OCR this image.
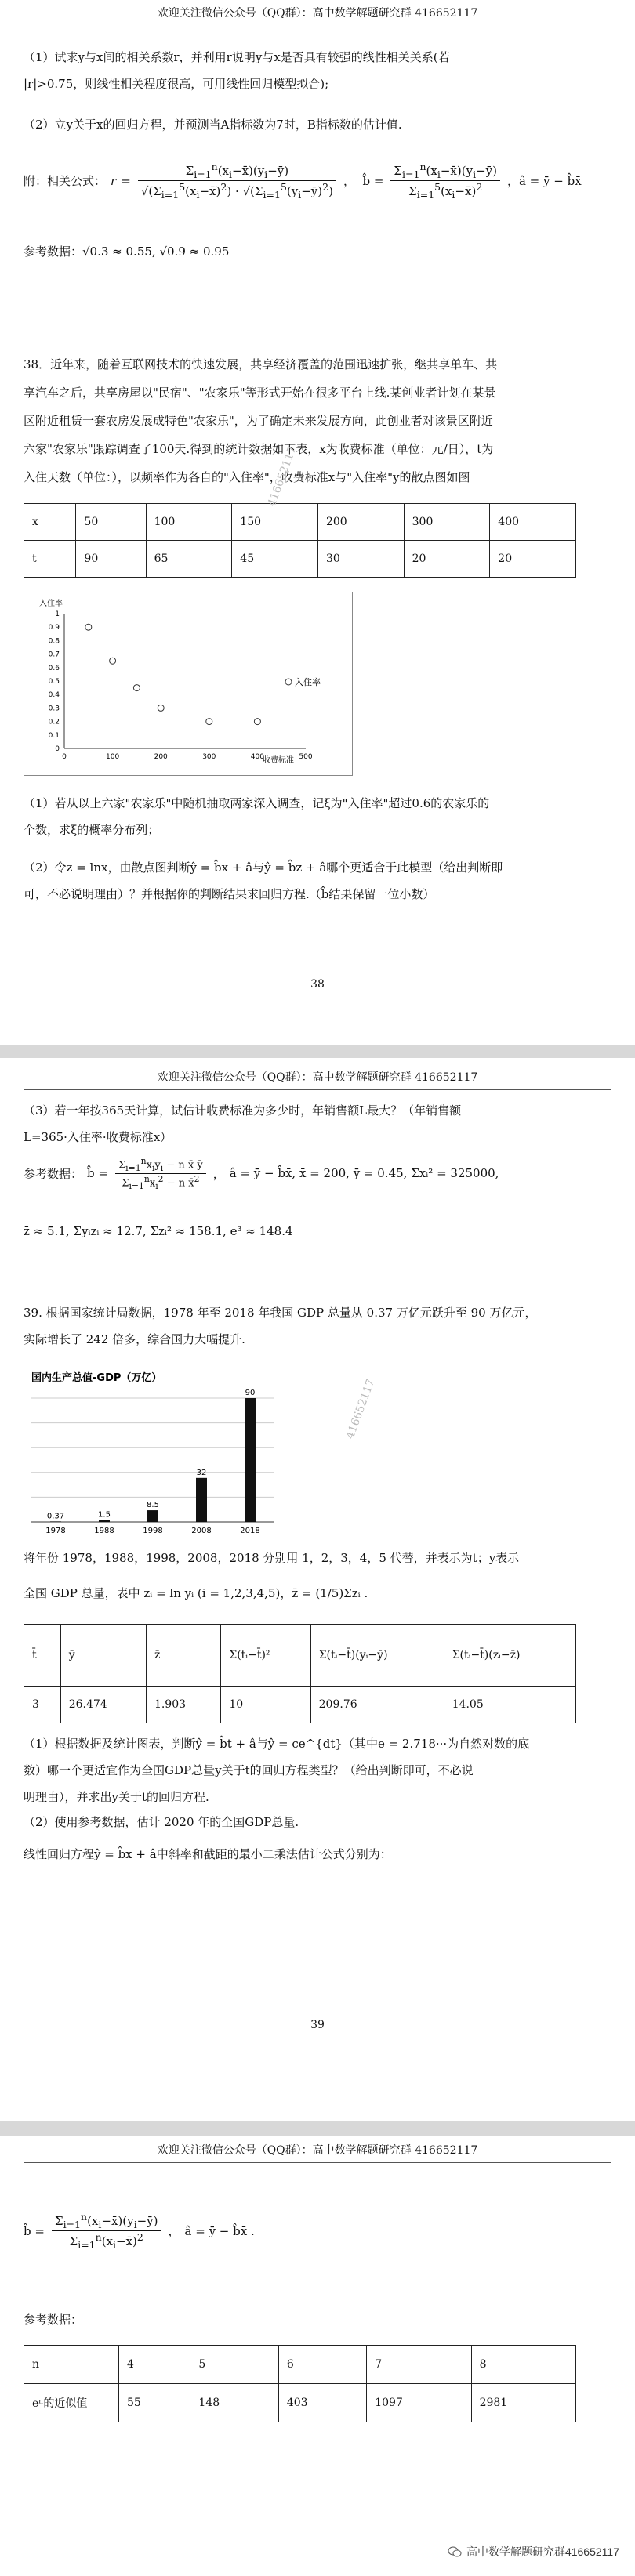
欢迎关注微信公众号（QQ群）：高中数学解题研究群 416652117
（1）试求y与x间的相关系数r，并利用r说明y与x是否具有较强的线性相关关系(若
|r|>0.75，则线性相关程度很高，可用线性回归模型拟合);
（2）立y关于x的回归方程，并预测当A指标数为7时，B指标数的估计值.
附：相关公式： $r = \frac{\Sigma_{i=1}^n(x_i-x̄)(y_i-ȳ)}{√(\Sigma_{i=1}^5(x_i-x̄)^2) \cdot √(\Sigma_{i=1}^5(y_i-ȳ)^2)}$ ，  b̂ = $\frac{\Sigma_{i=1}^n(x_i-x̄)(y_i-ȳ)}{\Sigma_{i=1}^5(x_i-x̄)^2}$ ，â = ȳ − b̂x̄
参考数据：√0.3 ≈ 0.55, √0.9 ≈ 0.95
38．近年来，随着互联网技术的快速发展，共享经济覆盖的范围迅速扩张，继共享单车、共
享汽车之后，共享房屋以"民宿"、"农家乐"等形式开始在很多平台上线.某创业者计划在某景
区附近租赁一套农房发展成特色"农家乐"，为了确定未来发展方向，此创业者对该景区附近
六家"农家乐"跟踪调查了100天.得到的统计数据如下表，x为收费标准（单位：元/日），t为
入住天数（单位：），以频率作为各自的"入住率"，收费标准x与"入住率"y的散点图如图
x	50	100	150	200	300	400
t	90	65	45	30	20	20
416652117
入住率
收费标准
入住率
0
0.1
0.2
0.3
0.4
0.5
0.6
0.7
0.8
0.9
1
0	100	200	300	400	500
（1）若从以上六家"农家乐"中随机抽取两家深入调查，记ξ为"入住率"超过0.6的农家乐的
个数，求ξ的概率分布列；
（2）令z = lnx，由散点图判断ŷ = b̂x + â与ŷ = b̂z + â哪个更适合于此模型（给出判断即
可，不必说明理由）？并根据你的判断结果求回归方程.（b̂结果保留一位小数）
38
欢迎关注微信公众号（QQ群）：高中数学解题研究群 416652117
（3）若一年按365天计算，试估计收费标准为多少时，年销售额L最大？（年销售额
L=365·入住率·收费标准x）
参考数据： b̂ = $\frac{\Sigma_{i=1}^nx_iy_i - n x̄ ȳ}{\Sigma_{i=1}^nx_i^2 - n x̄^2}$ ， â = ȳ − b̂x̄, x̄ = 200, ȳ = 0.45, Σxᵢ² = 325000,
z̄ ≈ 5.1, Σyᵢzᵢ ≈ 12.7, Σzᵢ² ≈ 158.1, e³ ≈ 148.4
39. 根据国家统计局数据，1978 年至 2018 年我国 GDP 总量从 0.37 万亿元跃升至 90 万亿元，
实际增长了 242 倍多，综合国力大幅提升.
国内生产总值-GDP（万亿）
0.37
1978
1.5
1988
8.5
1998
32
2008
90
2018
416652117
将年份 1978，1988，1998，2008，2018 分别用 1，2，3，4，5 代替，并表示为t；y表示
全国 GDP 总量，表中 zᵢ = ln yᵢ (i = 1,2,3,4,5)，z̄ = (1/5)Σzᵢ .
t̄	ȳ	z̄	Σ(tᵢ−t̄)²	Σ(tᵢ−t̄)(yᵢ−ȳ)	Σ(tᵢ−t̄)(zᵢ−z̄)
3	26.474	1.903	10	209.76	14.05
（1）根据数据及统计图表，判断ŷ = b̂t + â与ŷ = ce^{dt}（其中e = 2.718···为自然对数的底
数）哪一个更适宜作为全国GDP总量y关于t的回归方程类型？（给出判断即可，不必说
明理由），并求出y关于t的回归方程.
（2）使用参考数据，估计 2020 年的全国GDP总量.
线性回归方程ŷ = b̂x + â中斜率和截距的最小二乘法估计公式分别为：
39
欢迎关注微信公众号（QQ群）：高中数学解题研究群 416652117
b̂ = $\frac{\Sigma_{i=1}^n(x_i-x̄)(y_i-ȳ)}{\Sigma_{i=1}^n(x_i-x̄)^2}$ ， â = ȳ − b̂x̄ .
参考数据：
n	4	5	6	7	8
eⁿ的近似值	55	148	403	1097	2981
高中数学解题研究群416652117
